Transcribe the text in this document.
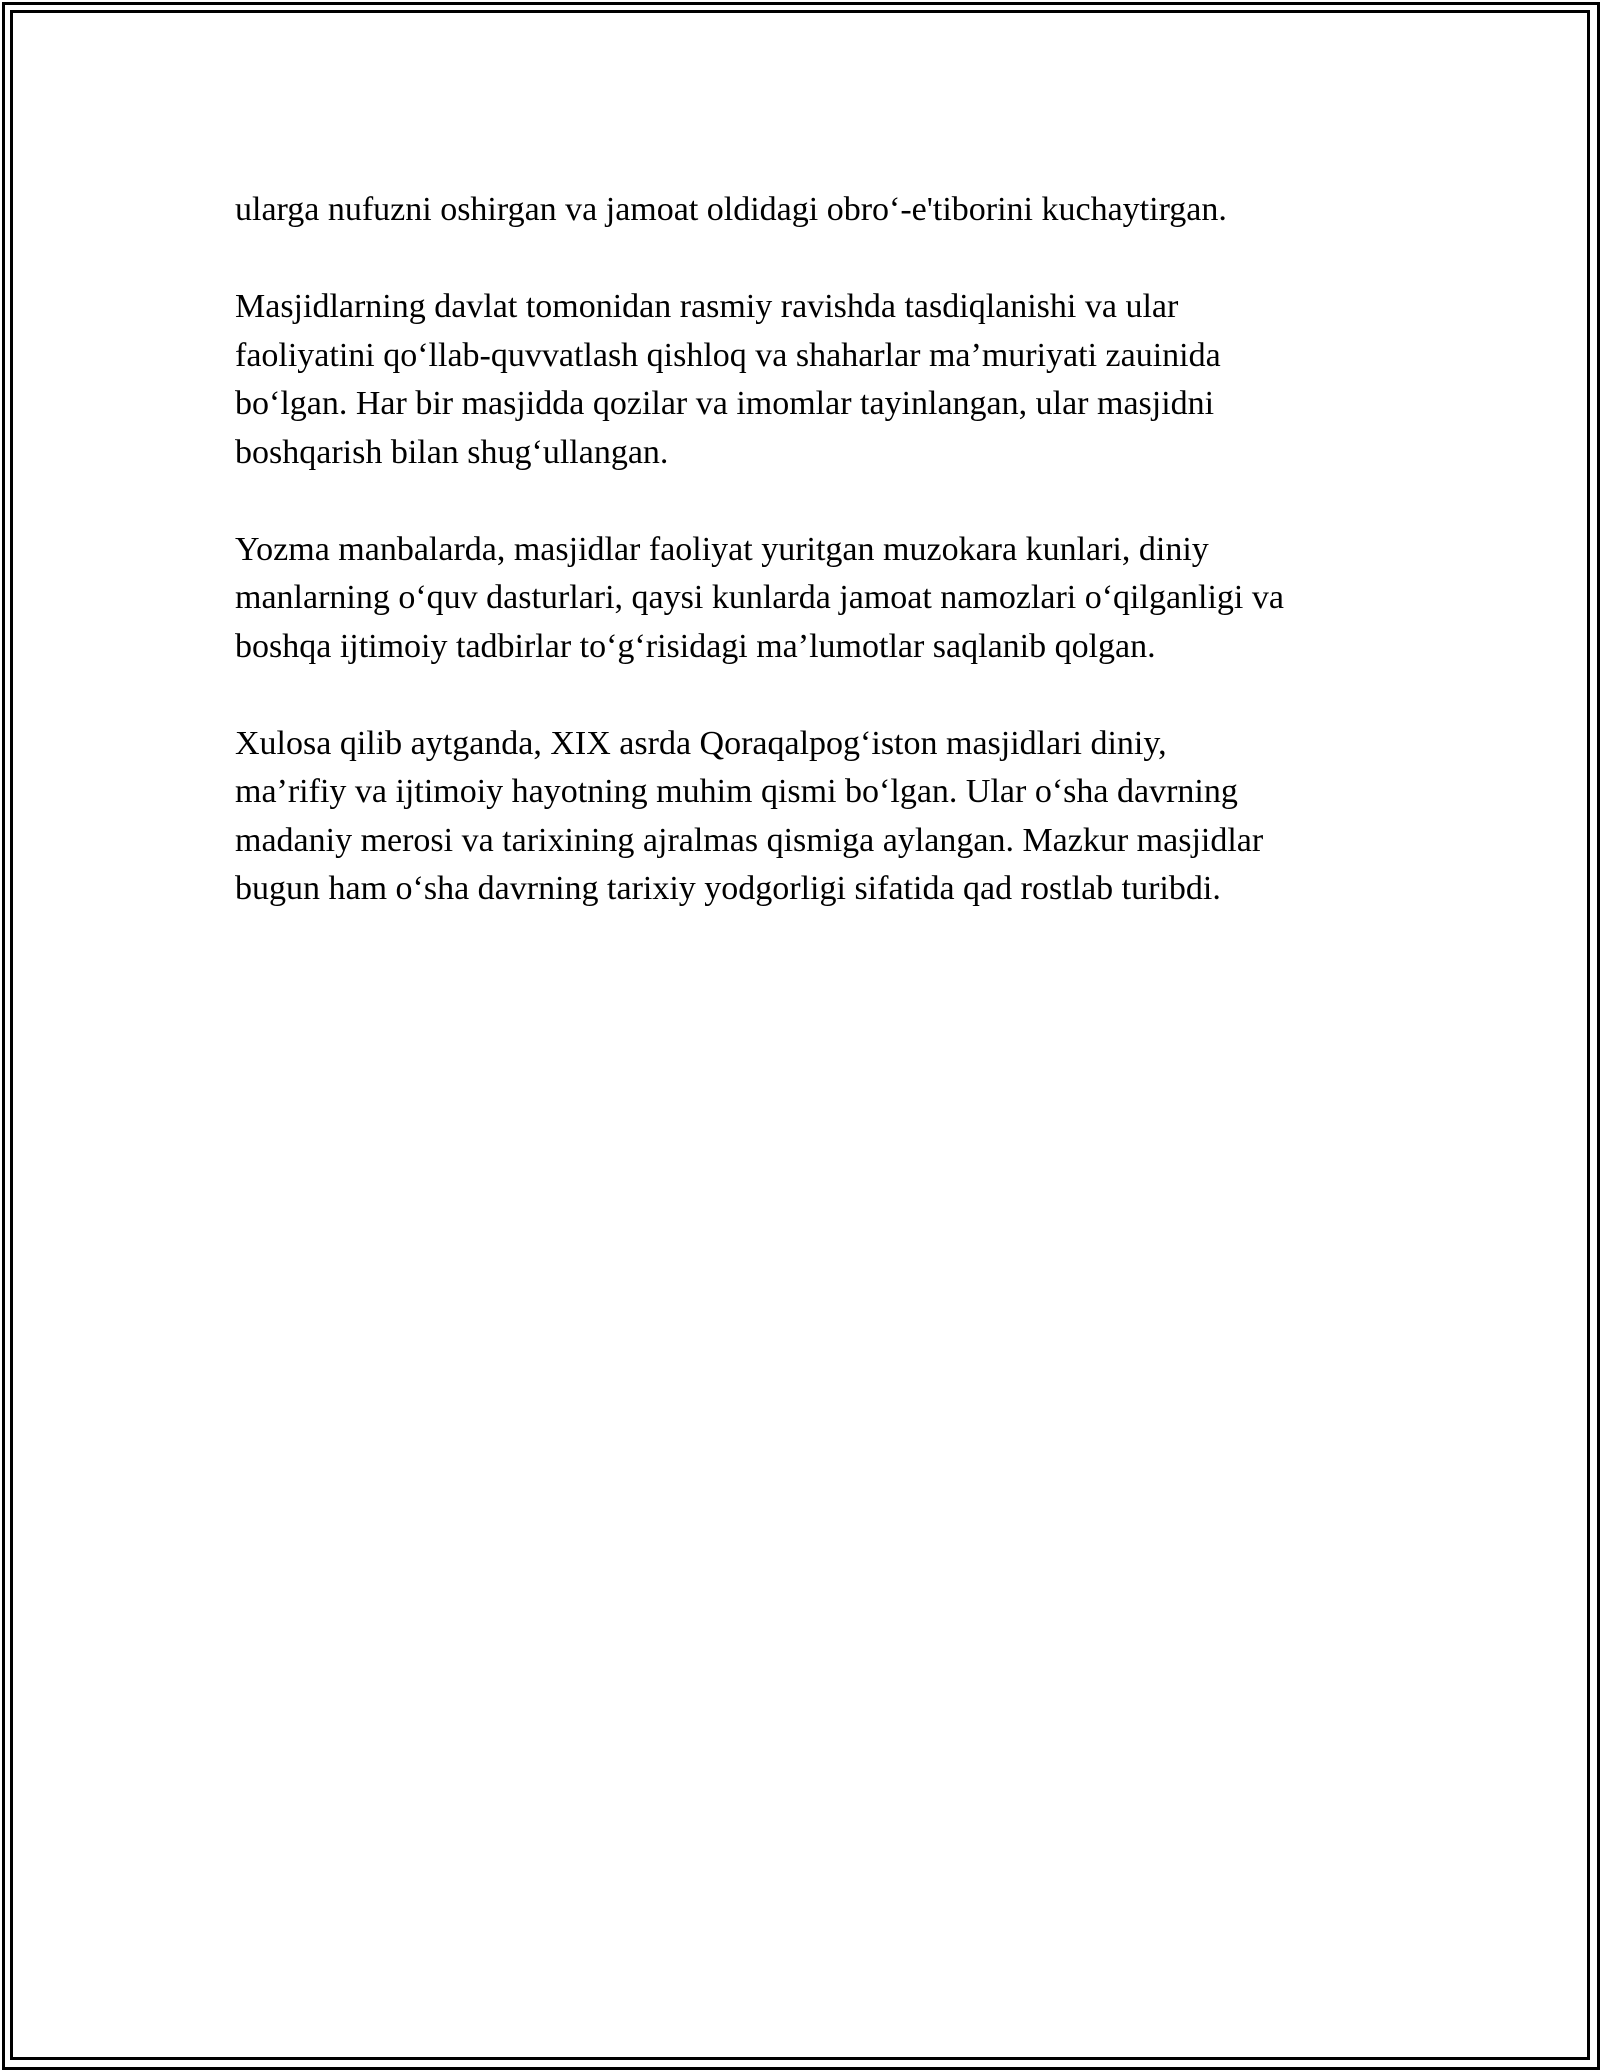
ularga nufuzni oshirgan va jamoat oldidagi obro‘-e'tiborini kuchaytirgan.

Masjidlarning davlat tomonidan rasmiy ravishda tasdiqlanishi va ular
faoliyatini qo‘llab-quvvatlash qishloq va shaharlar ma’muriyati zauinida
bo‘lgan. Har bir masjidda qozilar va imomlar tayinlangan, ular masjidni
boshqarish bilan shug‘ullangan.

Yozma manbalarda, masjidlar faoliyat yuritgan muzokara kunlari, diniy
manlarning o‘quv dasturlari, qaysi kunlarda jamoat namozlari o‘qilganligi va
boshqa ijtimoiy tadbirlar to‘g‘risidagi ma’lumotlar saqlanib qolgan.

Xulosa qilib aytganda, XIX asrda Qoraqalpog‘iston masjidlari diniy,
ma’rifiy va ijtimoiy hayotning muhim qismi bo‘lgan. Ular o‘sha davrning
madaniy merosi va tarixining ajralmas qismiga aylangan. Mazkur masjidlar
bugun ham o‘sha davrning tarixiy yodgorligi sifatida qad rostlab turibdi.
